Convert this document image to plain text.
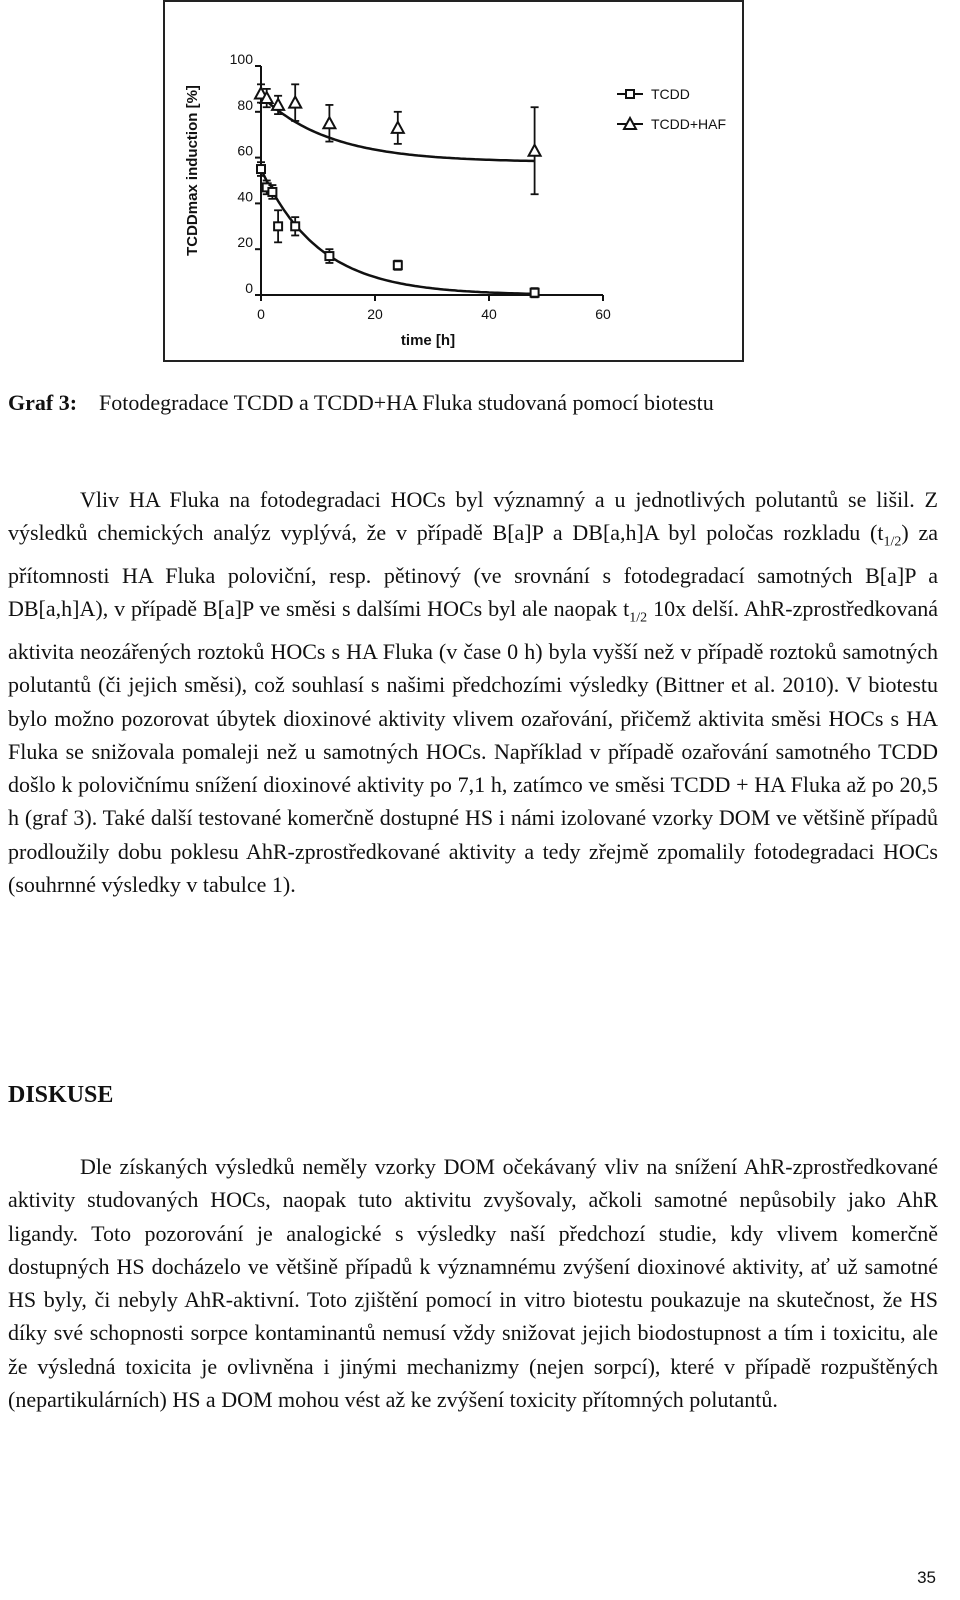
0
20
40
60
80
100
0	20	40	60
time [h]
TCDDmax induction [%]	TCDD
TCDD+HAF
Graf 3: Fotodegradace TCDD a TCDD+HA Fluka studovaná pomocí biotestu

Vliv HA Fluka na fotodegradaci HOCs byl významný a u jednotlivých polutantů se lišil. Z výsledků chemických analýz vyplývá, že v případě B[a]P a DB[a,h]A byl poločas rozkladu $(t_{1/2})$ za přítomnosti HA Fluka poloviční, resp. pětinový (ve srovnání s fotodegradací samotných B[a]P a DB[a,h]A), v případě B[a]P ve směsi s dalšími HOCs byl ale naopak $t_{1/2}$ 10x delší. AhR-zprostředkovaná aktivita neozářených roztoků HOCs s HA Fluka (v čase 0 h) byla vyšší než v případě roztoků samotných polutantů (či jejich směsi), což souhlasí s našimi předchozími výsledky (Bittner et al. 2010). V biotestu bylo možno pozorovat úbytek dioxinové aktivity vlivem ozařování, přičemž aktivita směsi HOCs s HA Fluka se snižovala pomaleji než u samotných HOCs. Například v případě ozařování samotného TCDD došlo k polovičnímu snížení dioxinové aktivity po 7,1 h, zatímco ve směsi TCDD + HA Fluka až po 20,5 h (graf 3). Také další testované komerčně dostupné HS i námi izolované vzorky DOM ve většině případů prodloužily dobu poklesu AhR-zprostředkované aktivity a tedy zřejmě zpomalily fotodegradaci HOCs (souhrnné výsledky v tabulce 1).

DISKUSE

Dle získaných výsledků neměly vzorky DOM očekávaný vliv na snížení AhR-zprostředkované aktivity studovaných HOCs, naopak tuto aktivitu zvyšovaly, ačkoli samotné nepůsobily jako AhR ligandy. Toto pozorování je analogické s výsledky naší předchozí studie, kdy vlivem komerčně dostupných HS docházelo ve většině případů k významnému zvýšení dioxinové aktivity, ať už samotné HS byly, či nebyly AhR-aktivní. Toto zjištění pomocí in vitro biotestu poukazuje na skutečnost, že HS díky své schopnosti sorpce kontaminantů nemusí vždy snižovat jejich biodostupnost a tím i toxicitu, ale že výsledná toxicita je ovlivněna i jinými mechanizmy (nejen sorpcí), které v případě rozpuštěných (nepartikulárních) HS a DOM mohou vést až ke zvýšení toxicity přítomných polutantů.

35
